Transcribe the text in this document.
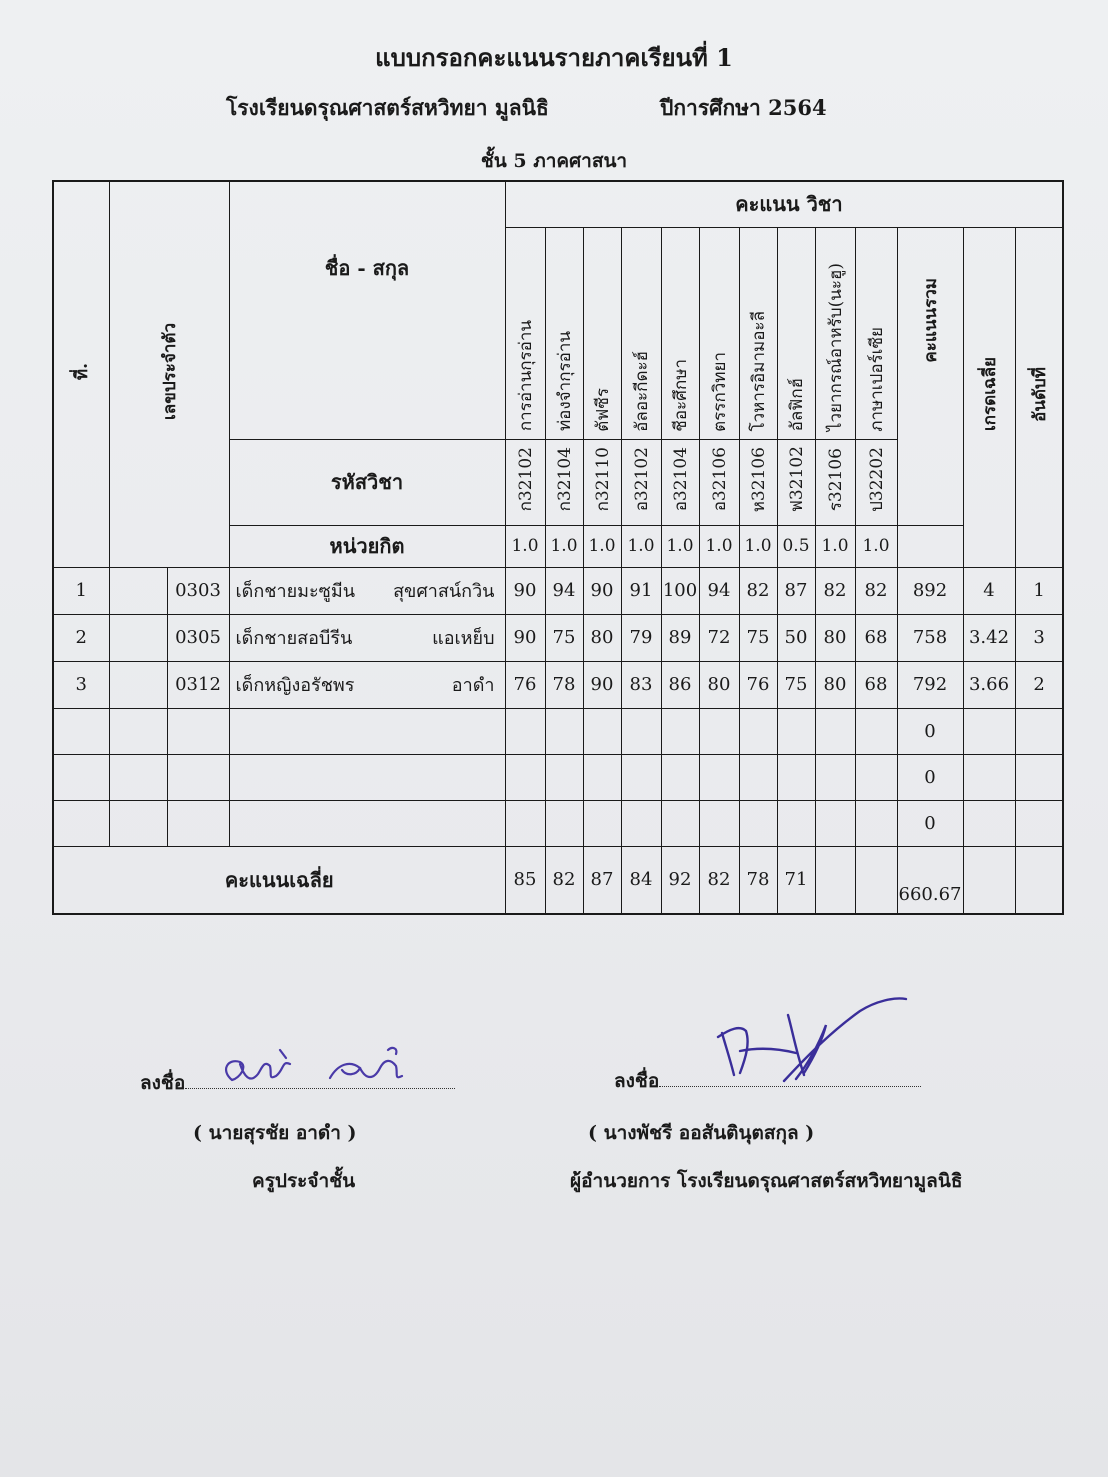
แบบกรอกคะแนนรายภาคเรียนที่ 1
โรงเรียนดรุณศาสตร์สหวิทยา มูลนิธิ	ปีการศึกษา 2564
ชั้น 5 ภาคศาสนา
ที่.	เลขประจำตัว		ชื่อ - สกุล	คะแนน วิชา													
				การอ่านกุรอ่าน	ท่องจำกุรอ่าน	ตัฟซีร	อัลอะกีดะฮ์	ชีอะศึกษา	ตรรกวิทยา	โวหารอิมามอะลี	อัลฟิกฮ์	ไวยากรณ์อาหรับ(นะฮู)	ภาษาเปอร์เซีย	คะแนนรวม	เกรดเฉลี่ย	อันดับที่	
			รหัสวิชา	ก32102	ก32104	ก32110	อ32102	อ32104	อ32106	ห32106	ฟ32102	ร32106	ป32202	
			หน่วยกิต	1.0	1.0	1.0	1.0	1.0	1.0	1.0	0.5	1.0	1.0				
1		0303	เด็กชายมะซูมีน สุขศาสน์กวิน	90	94	90	91	100	94	82	87	82	82	892	4	1	
2		0305	เด็กชายสอบีรีน แอเหย็บ	90	75	80	79	89	72	75	50	80	68	758	3.42	3	
3		0312	เด็กหญิงอรัชพร อาดำ	76	78	90	83	86	80	76	75	80	68	792	3.66	2	

											0			

											0			

											0			
คะแนนเฉลี่ย				85	82	87	84	92	82	78	71			660.67			
ลงชื่อ
( นายสุรชัย อาดำ )
ครูประจำชั้น
ลงชื่อ
( นางพัชรี ออสันตินุตสกุล )
ผู้อำนวยการ โรงเรียนดรุณศาสตร์สหวิทยามูลนิธิ
